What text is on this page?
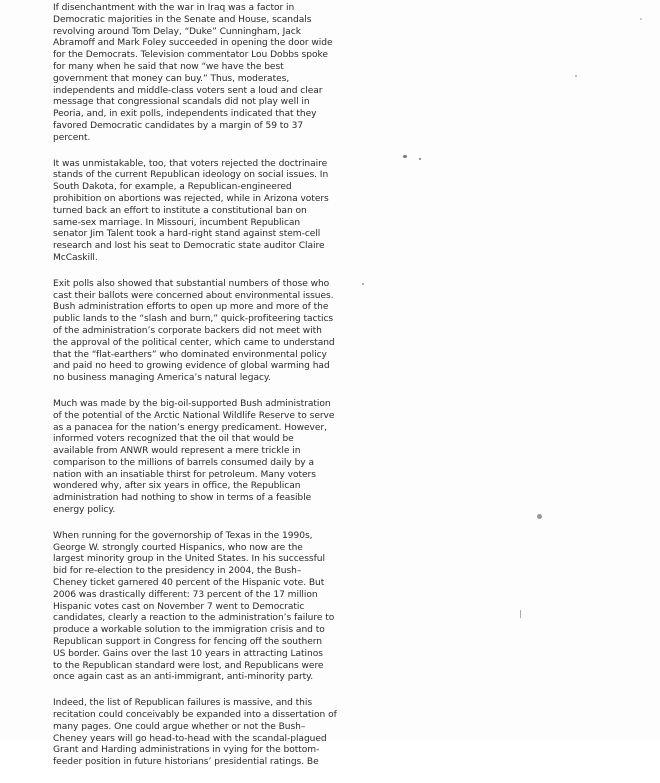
If disenchantment with the war in Iraq was a factor in
Democratic majorities in the Senate and House, scandals
revolving around Tom Delay, “Duke” Cunningham, Jack
Abramoff and Mark Foley succeeded in opening the door wide
for the Democrats. Television commentator Lou Dobbs spoke
for many when he said that now “we have the best
government that money can buy.” Thus, moderates,
independents and middle-class voters sent a loud and clear
message that congressional scandals did not play well in
Peoria, and, in exit polls, independents indicated that they
favored Democratic candidates by a margin of 59 to 37
percent.

It was unmistakable, too, that voters rejected the doctrinaire
stands of the current Republican ideology on social issues. In
South Dakota, for example, a Republican-engineered
prohibition on abortions was rejected, while in Arizona voters
turned back an effort to institute a constitutional ban on
same-sex marriage. In Missouri, incumbent Republican
senator Jim Talent took a hard-right stand against stem-cell
research and lost his seat to Democratic state auditor Claire
McCaskill.

Exit polls also showed that substantial numbers of those who
cast their ballots were concerned about environmental issues.
Bush administration efforts to open up more and more of the
public lands to the “slash and burn,” quick-profiteering tactics
of the administration’s corporate backers did not meet with
the approval of the political center, which came to understand
that the “flat-earthers” who dominated environmental policy
and paid no heed to growing evidence of global warming had
no business managing America’s natural legacy.

Much was made by the big-oil-supported Bush administration
of the potential of the Arctic National Wildlife Reserve to serve
as a panacea for the nation’s energy predicament. However,
informed voters recognized that the oil that would be
available from ANWR would represent a mere trickle in
comparison to the millions of barrels consumed daily by a
nation with an insatiable thirst for petroleum. Many voters
wondered why, after six years in office, the Republican
administration had nothing to show in terms of a feasible
energy policy.

When running for the governorship of Texas in the 1990s,
George W. strongly courted Hispanics, who now are the
largest minority group in the United States. In his successful
bid for re-election to the presidency in 2004, the Bush–
Cheney ticket garnered 40 percent of the Hispanic vote. But
2006 was drastically different: 73 percent of the 17 million
Hispanic votes cast on November 7 went to Democratic
candidates, clearly a reaction to the administration’s failure to
produce a workable solution to the immigration crisis and to
Republican support in Congress for fencing off the southern
US border. Gains over the last 10 years in attracting Latinos
to the Republican standard were lost, and Republicans were
once again cast as an anti-immigrant, anti-minority party.

Indeed, the list of Republican failures is massive, and this
recitation could conceivably be expanded into a dissertation of
many pages. One could argue whether or not the Bush–
Cheney years will go head-to-head with the scandal-plagued
Grant and Harding administrations in vying for the bottom-
feeder position in future historians’ presidential ratings. Be
